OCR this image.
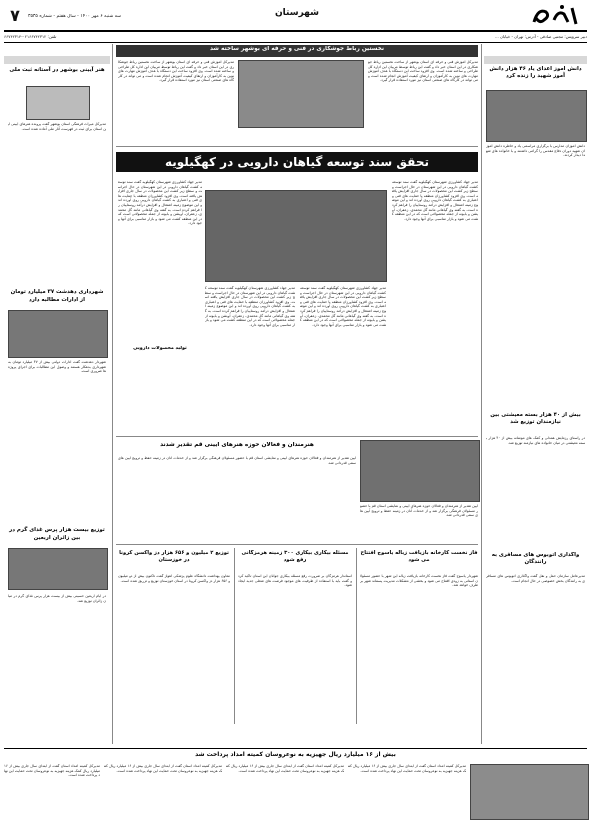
۷	سه شنبه ۶ مهر ۱۴۰۰ - سال هفتم - شماره ۳۵۳۵	شهرستان
تلفن: ۰۲۱۶۶۷۴۲۳۱۲-۶۶۷۴۲۳۱۴	دبیر سرویس: مجتبی صادقی - آدرس: تهران - خیابان ...
هنر آیینی بوشهر در آستانه ثبت ملی
مدیرکل میراث فرهنگی استان بوشهر گفت پرونده هنرهای آیینی این استان برای ثبت در فهرست آثار ملی آماده شده است.
شهرداری دهدشت ۳۷ میلیارد تومان از ادارات مطالبه دارد
شهردار دهدشت گفت ادارات دولتی بیش از ۳۷ میلیارد تومان به شهرداری بدهکار هستند و وصول این مطالبات برای اجرای پروژه ها ضروری است.
توزیع بیست هزار پرس غذای گرم در بین زائران اربعین
در ایام اربعین حسینی بیش از بیست هزار پرس غذای گرم در میان زائران توزیع شد.
دانش آموز اعدای یاد ۴۶ هزار دانش آموز شهید را زنده کرد
دانش آموزان مدارس با برگزاری مراسمی یاد و خاطره دانش آموزان شهید دوران دفاع مقدس را گرامی داشتند و با خانواده های شهدا دیدار کردند.
بیش از ۴۰ هزار بسته معیشتی بین نیازمندان توزیع شد
در راستای رزمایش همدلی و کمک های مومنانه بیش از ۴۰ هزار بسته معیشتی در میان خانواده های نیازمند توزیع شد.
واگذاری اتوبوس های مسافری به رانندگان
مدیرعامل سازمان حمل و نقل گفت واگذاری اتوبوس های مسافری به رانندگان بخش خصوصی در حال انجام است.
نخستین رباط جوشکاری در فنی و حرفه ای بوشهر ساخته شد
مدیرکل آموزش فنی و حرفه ای استان بوشهر از ساخت نخستین رباط جوشکاری در این استان خبر داد و گفت این رباط توسط مربیان این اداره کل طراحی و ساخته شده است. وی افزود ساخت این دستگاه با هدف آموزش مهارت های نوین به کارآموزان و ارتقای کیفیت آموزش انجام شده است و می تواند در کارگاه های صنعتی استان نیز مورد استفاده قرار گیرد.
مدیرکل آموزش فنی و حرفه ای استان بوشهر از ساخت نخستین رباط جوشکاری در این استان خبر داد و گفت این رباط توسط مربیان این اداره کل طراحی و ساخته شده است. وی افزود ساخت این دستگاه با هدف آموزش مهارت های نوین به کارآموزان و ارتقای کیفیت آموزش انجام شده است و می تواند در کارگاه های صنعتی استان نیز مورد استفاده قرار گیرد.
تحقق سند توسعه گیاهان دارویی در کهگیلویه
مدیر جهاد کشاورزی شهرستان کهگیلویه گفت سند توسعه کشت گیاهان دارویی در این شهرستان در حال اجراست و سطح زیر کشت این محصولات در سال جاری افزایش یافته است. وی افزود کشاورزان منطقه با حمایت های فنی و اعتباری به کشت گیاهان دارویی روی آورده اند و این موضوع زمینه اشتغال و افزایش درآمد روستاییان را فراهم کرده است. به گفته وی گیاهانی مانند گل محمدی، زعفران، آویشن و بابونه از جمله محصولاتی است که در این منطقه کشت می شود و بازار مناسبی برای آنها وجود دارد.
مدیر جهاد کشاورزی شهرستان کهگیلویه گفت سند توسعه کشت گیاهان دارویی در این شهرستان در حال اجراست و سطح زیر کشت این محصولات در سال جاری افزایش یافته است. وی افزود کشاورزان منطقه با حمایت های فنی و اعتباری به کشت گیاهان دارویی روی آورده اند و این موضوع زمینه اشتغال و افزایش درآمد روستاییان را فراهم کرده است. به گفته وی گیاهانی مانند گل محمدی، زعفران، آویشن و بابونه از جمله محصولاتی است که در این منطقه کشت می شود و بازار مناسبی برای آنها وجود دارد.
مدیر جهاد کشاورزی شهرستان کهگیلویه گفت سند توسعه کشت گیاهان دارویی در این شهرستان در حال اجراست و سطح زیر کشت این محصولات در سال جاری افزایش یافته است. وی افزود کشاورزان منطقه با حمایت های فنی و اعتباری به کشت گیاهان دارویی روی آورده اند و این موضوع زمینه اشتغال و افزایش درآمد روستاییان را فراهم کرده است. به گفته وی گیاهانی مانند گل محمدی، زعفران، آویشن و بابونه از جمله محصولاتی است که در این منطقه کشت می شود و بازار مناسبی برای آنها وجود دارد.
مدیر جهاد کشاورزی شهرستان کهگیلویه گفت سند توسعه کشت گیاهان دارویی در این شهرستان در حال اجراست و سطح زیر کشت این محصولات در سال جاری افزایش یافته است. وی افزود کشاورزان منطقه با حمایت های فنی و اعتباری به کشت گیاهان دارویی روی آورده اند و این موضوع زمینه اشتغال و افزایش درآمد روستاییان را فراهم کرده است. به گفته وی گیاهانی مانند گل محمدی، زعفران، آویشن و بابونه از جمله محصولاتی است که در این منطقه کشت می شود و بازار مناسبی برای آنها وجود دارد.
تولید محصولات دارویی
هنرمندان و فعالان حوزه هنرهای آیینی قم تقدیر شدند
آیین تقدیر از هنرمندان و فعالان حوزه هنرهای آیینی و نمایشی استان قم با حضور مسئولان فرهنگی برگزار شد و از خدمات آنان در زمینه حفظ و ترویج آیین های سنتی قدردانی شد.
آیین تقدیر از هنرمندان و فعالان حوزه هنرهای آیینی و نمایشی استان قم با حضور مسئولان فرهنگی برگزار شد و از خدمات آنان در زمینه حفظ و ترویج آیین های سنتی قدردانی شد.
فاز نخست کارخانه بازیافت زباله یاسوج افتتاح می شود
شهردار یاسوج گفت فاز نخست کارخانه بازیافت زباله این شهر با حضور مسئولان استانی به زودی افتتاح می شود و بخشی از مشکلات مدیریت پسماند شهر برطرف خواهد شد.
مسئله بیکاری بیکاری ۳۰۰ زمینه هرمزگانی رفع شود
استاندار هرمزگان بر ضرورت رفع مسئله بیکاری جوانان این استان تاکید کرد و گفت باید با استفاده از ظرفیت های موجود فرصت های شغلی جدید ایجاد شود.
توزیع ۲ میلیون و ۶۵۶ هزار دز واکسن کرونا در خوزستان
معاون بهداشت دانشگاه علوم پزشکی اهواز گفت تاکنون بیش از دو میلیون و ۶۵۶ هزار دز واکسن کرونا در استان خوزستان توزیع و تزریق شده است.
بیش از ۱۶ میلیارد ریال جهیزیه به نوعروسان کمیته امداد پرداخت شد
مدیرکل کمیته امداد استان گفت از ابتدای سال جاری بیش از ۱۶ میلیارد ریال کمک هزینه جهیزیه به نوعروسان تحت حمایت این نهاد پرداخت شده است.
مدیرکل کمیته امداد استان گفت از ابتدای سال جاری بیش از ۱۶ میلیارد ریال کمک هزینه جهیزیه به نوعروسان تحت حمایت این نهاد پرداخت شده است.
مدیرکل کمیته امداد استان گفت از ابتدای سال جاری بیش از ۱۶ میلیارد ریال کمک هزینه جهیزیه به نوعروسان تحت حمایت این نهاد پرداخت شده است.
مدیرکل کمیته امداد استان گفت از ابتدای سال جاری بیش از ۱۶ میلیارد ریال کمک هزینه جهیزیه به نوعروسان تحت حمایت این نهاد پرداخت شده است.
